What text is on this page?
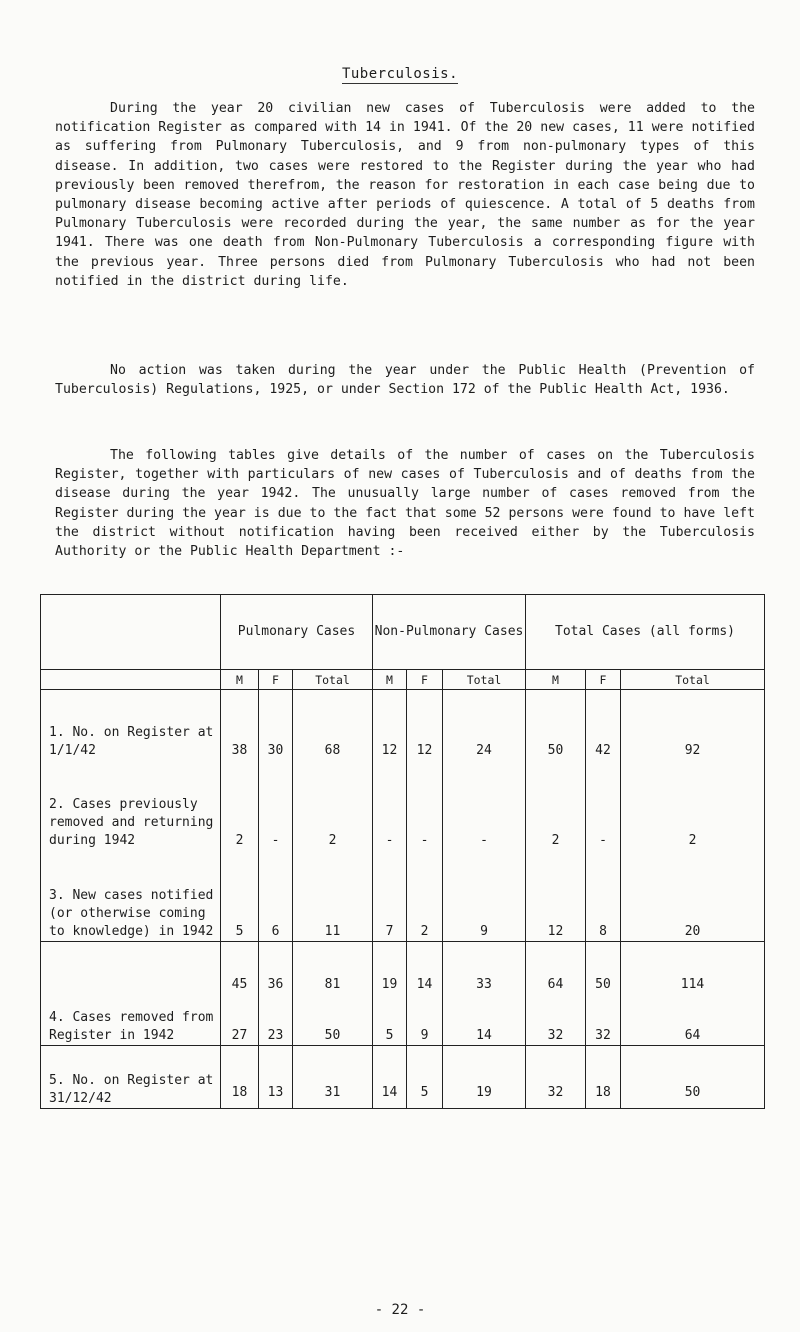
Tuberculosis.

During the year 20 civilian new cases of Tuberculosis were added to the notification Register as compared with 14 in 1941. Of the 20 new cases, 11 were notified as suffering from Pulmonary Tuberculosis, and 9 from non-pulmonary types of this disease. In addition, two cases were restored to the Register during the year who had previously been removed therefrom, the reason for restoration in each case being due to pulmonary disease becoming active after periods of quiescence. A total of 5 deaths from Pulmonary Tuberculosis were recorded during the year, the same number as for the year 1941. There was one death from Non-Pulmonary Tuberculosis a corresponding figure with the previous year. Three persons died from Pulmonary Tuberculosis who had not been notified in the district during life.

No action was taken during the year under the Public Health (Prevention of Tuberculosis) Regulations, 1925, or under Section 172 of the Public Health Act, 1936.

The following tables give details of the number of cases on the Tuberculosis Register, together with particulars of new cases of Tuberculosis and of deaths from the disease during the year 1942. The unusually large number of cases removed from the Register during the year is due to the fact that some 52 persons were found to have left the district without notification having been received either by the Tuberculosis Authority or the Public Health Department :-

	Pulmonary Cases			Non-Pulmonary Cases			Total Cases (all forms)		
	M	F	Total	M	F	Total	M	F	Total
1. No. on Register at 1/1/42	38	30	68	12	12	24	50	42	92
2. Cases previously removed and returning during 1942	2	-	2	-	-	-	2	-	2
3. New cases notified (or otherwise coming to knowledge) in 1942	5	6	11	7	2	9	12	8	20
	45	36	81	19	14	33	64	50	114
4. Cases removed from Register in 1942	27	23	50	5	9	14	32	32	64
5. No. on Register at 31/12/42	18	13	31	14	5	19	32	18	50
- 22 -
